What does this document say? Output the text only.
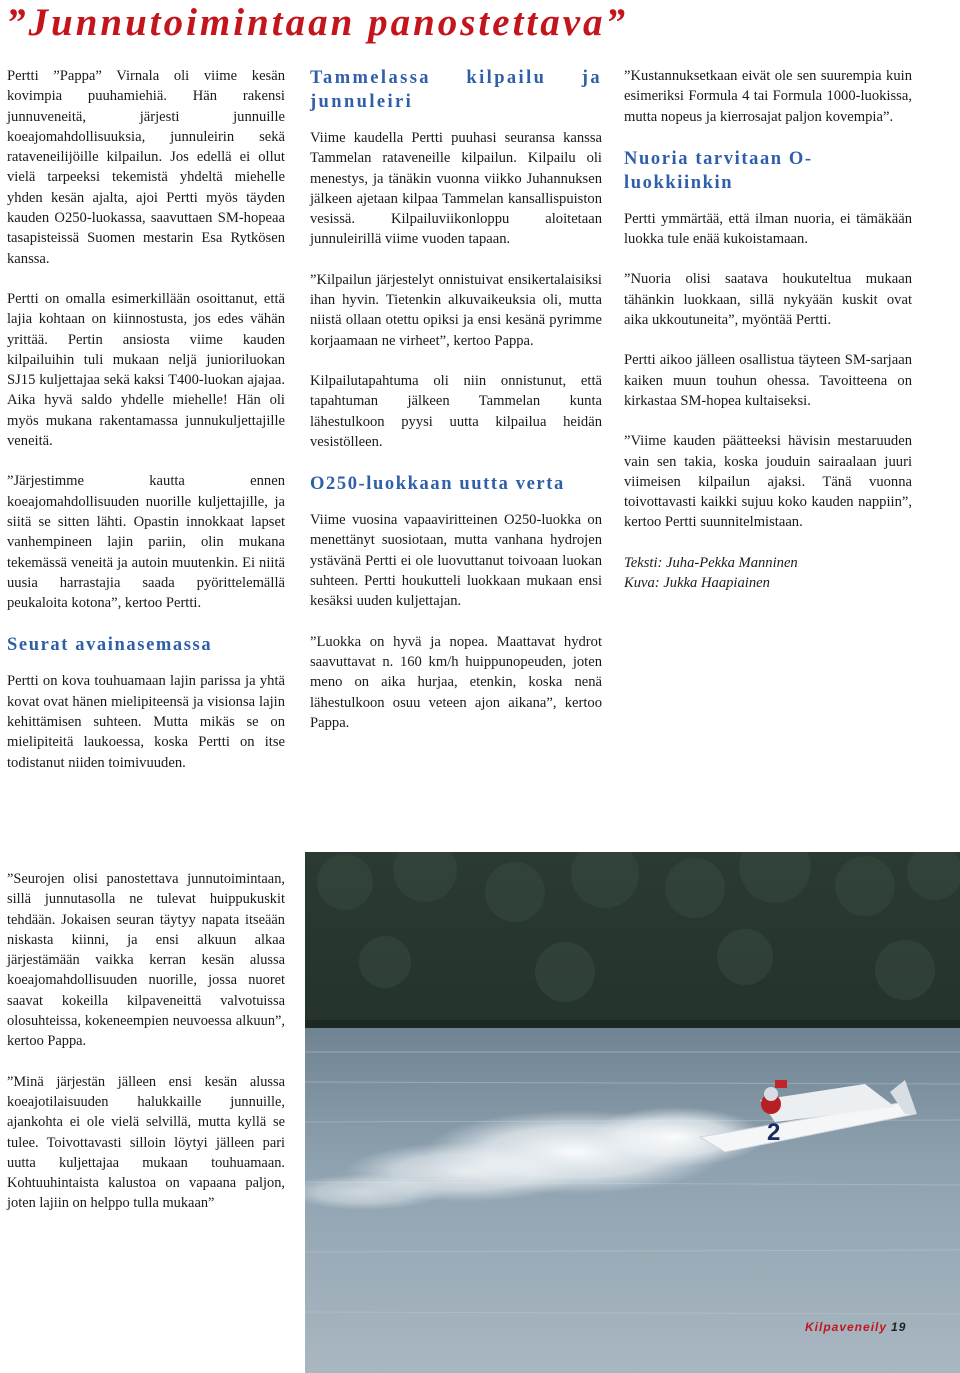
”Junnutoimintaan panostettava”

Pertti ”Pappa” Virnala oli viime kesän kovimpia puuhamiehiä. Hän rakensi junnuveneitä, järjesti junnuille koeajomahdollisuuksia, junnuleirin sekä rataveneilijöille kilpailun. Jos edellä ei ollut vielä tarpeeksi tekemistä yhdeltä miehelle yhden kesän ajalta, ajoi Pertti myös täyden kauden O250-luokassa, saavuttaen SM-hopeaa tasapisteissä Suomen mestarin Esa Rytkösen kanssa.

Pertti on omalla esimerkillään osoittanut, että lajia kohtaan on kiinnostusta, jos edes vähän yrittää. Pertin ansiosta viime kauden kilpailuihin tuli mukaan neljä junioriluokan SJ15 kuljettajaa sekä kaksi T400-luokan ajajaa. Aika hyvä saldo yhdelle miehelle! Hän oli myös mukana rakentamassa junnukuljettajille veneitä.

”Järjestimme kautta ennen koeajomahdollisuuden nuorille kuljettajille, ja siitä se sitten lähti. Opastin innokkaat lapset vanhempineen lajin pariin, olin mukana tekemässä veneitä ja autoin muutenkin. Ei niitä uusia harrastajia saada pyörittelemällä peukaloita kotona”, kertoo Pertti.

Seurat avainasemassa

Pertti on kova touhuamaan lajin parissa ja yhtä kovat ovat hänen mielipiteensä ja visionsa lajin kehittämisen suhteen. Mutta mikäs se on mielipiteitä laukoessa, koska Pertti on itse todistanut niiden toimivuuden.

”Seurojen olisi panostettava junnutoimintaan, sillä junnutasolla ne tulevat huippukuskit tehdään. Jokaisen seuran täytyy napata itseään niskasta kiinni, ja ensi alkuun alkaa järjestämään vaikka kerran kesän alussa koeajomahdollisuuden nuorille, jossa nuoret saavat kokeilla kilpaveneittä valvotuissa olosuhteissa, kokeneempien neuvoessa alkuun”, kertoo Pappa.

”Minä järjestän jälleen ensi kesän alussa koeajotilaisuuden halukkaille junnuille, ajankohta ei ole vielä selvillä, mutta kyllä se tulee. Toivottavasti silloin löytyi jälleen pari uutta kuljettajaa mukaan touhuamaan. Kohtuuhintaista kalustoa on vapaana paljon, joten lajiin on helppo tulla mukaan”

Tammelassa kilpailu ja junnuleiri

Viime kaudella Pertti puuhasi seuransa kanssa Tammelan rataveneille kilpailun. Kilpailu oli menestys, ja tänäkin vuonna viikko Juhannuksen jälkeen ajetaan kilpaa Tammelan kansallispuiston vesissä. Kilpailuviikonloppu aloitetaan junnuleirillä viime vuoden tapaan.

”Kilpailun järjestelyt onnistuivat ensikertalaisiksi ihan hyvin. Tietenkin alkuvaikeuksia oli, mutta niistä ollaan otettu opiksi ja ensi kesänä pyrimme korjaamaan ne virheet”, kertoo Pappa.

Kilpailutapahtuma oli niin onnistunut, että tapahtuman jälkeen Tammelan kunta lähestulkoon pyysi uutta kilpailua heidän vesistölleen.

O250-luokkaan uutta verta

Viime vuosina vapaaviritteinen O250-luokka on menettänyt suosiotaan, mutta vanhana hydrojen ystävänä Pertti ei ole luovuttanut toivoaan luokan suhteen. Pertti houkutteli luokkaan mukaan ensi kesäksi uuden kuljettajan.

”Luokka on hyvä ja nopea. Maattavat hydrot saavuttavat n. 160 km/h huippunopeuden, joten meno on aika hurjaa, etenkin, koska nenä lähestulkoon osuu veteen ajon aikana”, kertoo Pappa.

”Kustannuksetkaan eivät ole sen suurempia kuin esimeriksi Formula 4 tai Formula 1000-luokissa, mutta nopeus ja kierrosajat paljon kovempia”.

Nuoria tarvitaan O-luokkiinkin

Pertti ymmärtää, että ilman nuoria, ei tämäkään luokka tule enää kukoistamaan.

”Nuoria olisi saatava houkuteltua mukaan tähänkin luokkaan, sillä nykyään kuskit ovat aika ukkoutuneita”, myöntää Pertti.

Pertti aikoo jälleen osallistua täyteen SM-sarjaan kaiken muun touhun ohessa. Tavoitteena on kirkastaa SM-hopea kultaiseksi.

”Viime kauden päätteeksi hävisin mestaruuden vain sen takia, koska jouduin sairaalaan juuri viimeisen kilpailun ajaksi. Tänä vuonna toivottavasti kaikki sujuu koko kauden nappiin”, kertoo Pertti suunnitelmistaan.

Teksti: Juha-Pekka Manninen
Kuva: Jukka Haapiainen

2
Kilpaveneily 19
